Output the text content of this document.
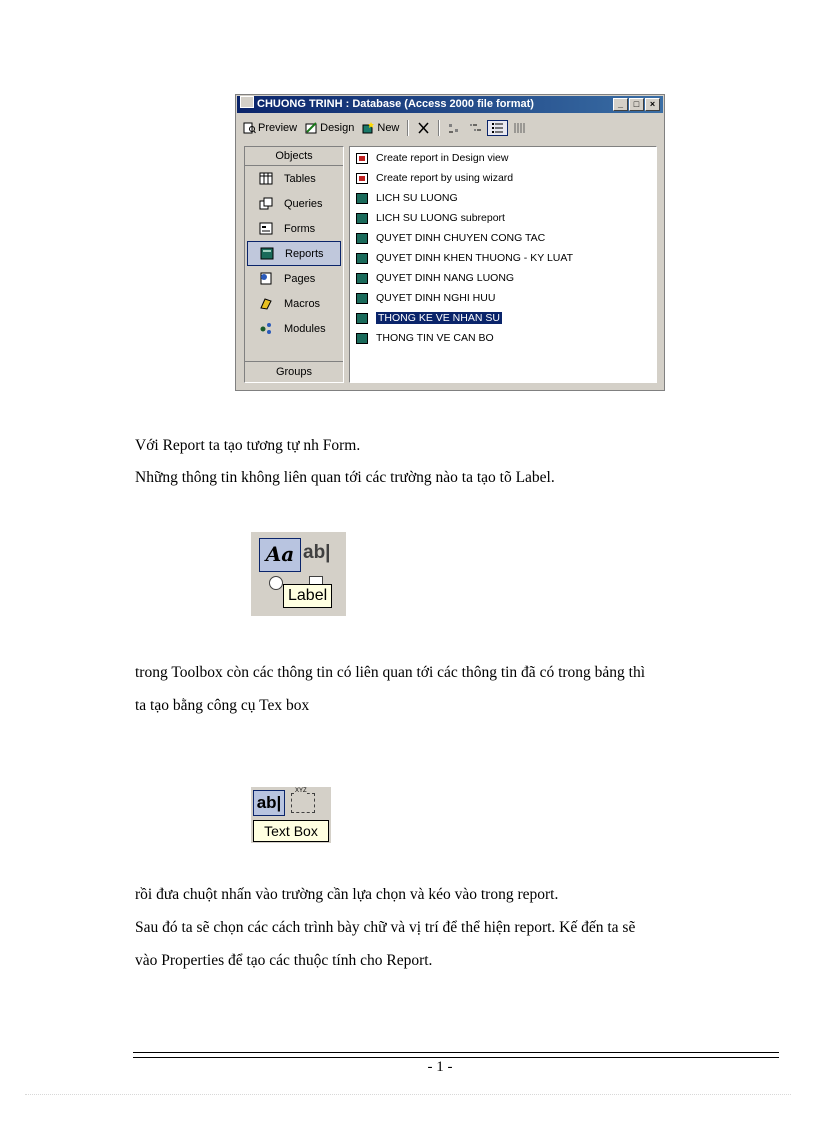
CHUONG TRINH : Database (Access 2000 file format)	_	□	×
Preview Design New
Objects
Tables
Queries
Forms
Reports
Pages
Macros
Modules
Groups
Create report in Design view
Create report by using wizard
LICH SU LUONG
LICH SU LUONG subreport
QUYET DINH CHUYEN CONG TAC
QUYET DINH KHEN THUONG - KY LUAT
QUYET DINH NANG LUONG
QUYET DINH NGHI HUU
THONG KE VE NHAN SU
THONG TIN VE CAN BO
Với Report ta tạo tương tự nh Form.
Những thông tin không liên quan tới các trường nào ta tạo tõ Label.
Aa ab|
Label
trong Toolbox còn các thông tin có liên quan tới các thông tin đã có trong bảng thì
ta tạo bằng công cụ Tex box
ab|
XYZ
Text Box
rồi đưa chuột nhấn vào trường cần lựa chọn và kéo vào trong report.
Sau đó ta sẽ chọn các cách trình bày chữ và vị trí để thể hiện report. Kế đến ta sẽ
vào Properties để tạo các thuộc tính cho Report.
- 1 -
